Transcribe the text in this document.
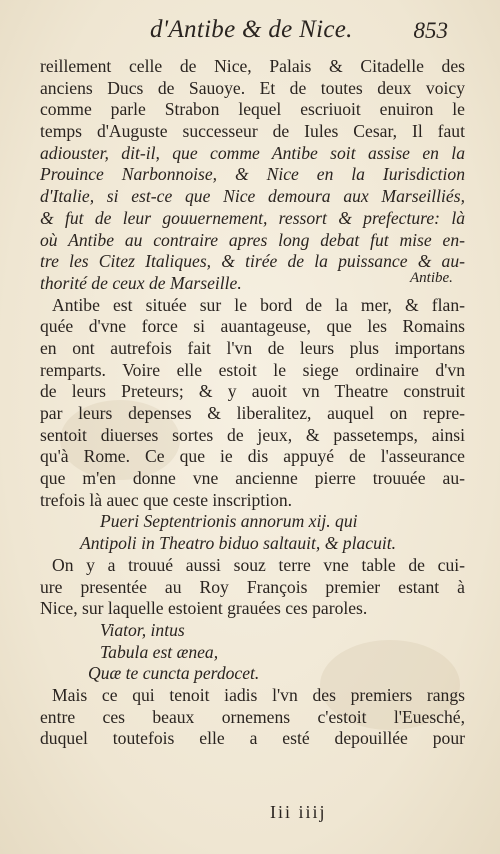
d'Antibe & de Nice.	853
Antibe.
reillement celle de Nice, Palais & Citadelle des
anciens Ducs de Sauoye. Et de toutes deux voicy
comme parle Strabon lequel escriuoit enuiron le
temps d'Auguste successeur de Iules Cesar, Il faut
adiouster, dit-il, que comme Antibe soit assise en la
Prouince Narbonnoise, & Nice en la Iurisdiction
d'Italie, si est-ce que Nice demoura aux Marseilliés,
& fut de leur gouuernement, ressort & prefecture: là
où Antibe au contraire apres long debat fut mise en-
tre les Citez Italiques, & tirée de la puissance & au-
thorité de ceux de Marseille.
Antibe est située sur le bord de la mer, & flan-
quée d'vne force si auantageuse, que les Romains
en ont autrefois fait l'vn de leurs plus importans
remparts. Voire elle estoit le siege ordinaire d'vn
de leurs Preteurs; & y auoit vn Theatre construit
par leurs depenses & liberalitez, auquel on repre-
sentoit diuerses sortes de jeux, & passetemps, ainsi
qu'à Rome. Ce que ie dis appuyé de l'asseurance
que m'en donne vne ancienne pierre trouuée au-
trefois là auec que ceste inscription.
Pueri Septentrionis annorum xij. qui
Antipoli in Theatro biduo saltauit, & placuit.
On y a trouué aussi souz terre vne table de cui-
ure presentée au Roy François premier estant à
Nice, sur laquelle estoient grauées ces paroles.
Viator, intus
Tabula est ænea,
Quæ te cuncta perdocet.
Mais ce qui tenoit iadis l'vn des premiers rangs
entre ces beaux ornemens c'estoit l'Euesché,
duquel toutefois elle a esté depouillée pour
Iii iiij
